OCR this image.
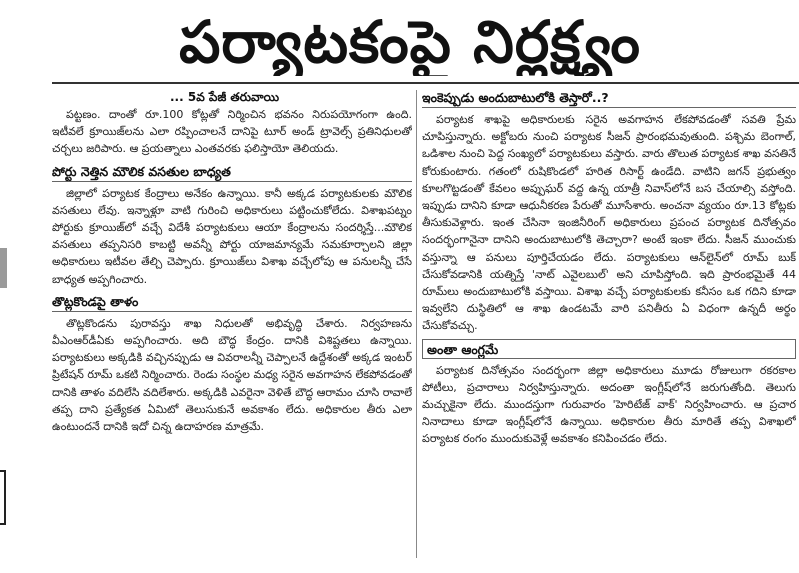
పర్యాటకంపై నిర్లక్ష్యం
... 5వ పేజీ తరువాయి

పట్టణం. దాంతో రూ.100 కోట్లతో నిర్మించిన భవనం నిరుపయోగంగా ఉంది. ఇటీవలే క్రూయిజ్‌లను ఎలా రప్పించాలనే దానిపై టూర్ అండ్ ట్రావెల్స్ ప్రతినిధులతో చర్చలు జరిపారు. ఆ ప్రయత్నాలు ఎంతవరకు ఫలిస్తాయో తెలియదు.

పోర్టు నెత్తిన మౌలిక వసతుల బాధ్యత

జిల్లాలో పర్యాటక కేంద్రాలు అనేకం ఉన్నాయి. కానీ అక్కడ పర్యాటకులకు మౌలిక వసతులు లేవు. ఇన్నాళ్లూ వాటి గురించి అధికారులు పట్టించుకోలేదు. విశాఖపట్నం పోర్టుకు క్రూయిజ్‌లో వచ్చే విదేశీ పర్యాటకులు ఆయా కేంద్రాలను సందర్శిస్తే...మౌలిక వసతులు తప్పనిసరి కాబట్టి అవన్నీ పోర్టు యాజమాన్యమే సమకూర్చాలని జిల్లా అధికారులు ఇటీవల తేల్చి చెప్పారు. క్రూయిజ్‌లు విశాఖ వచ్చేలోపు ఆ పనులన్నీ చేసే బాధ్యత అప్పగించారు.

తొట్లకొండపై తాళం

తొట్లకొండను పురావస్తు శాఖ నిధులతో అభివృద్ధి చేశారు. నిర్వహణను వీఎంఆర్‌డీఏకు అప్పగించారు. అది బౌద్ధ కేంద్రం. దానికి విశిష్టతలు ఉన్నాయి. పర్యాటకులు అక్కడికి వచ్చినప్పుడు ఆ వివరాలన్నీ చెప్పాలనే ఉద్దేశంతో అక్కడ ఇంటర్ ప్రిటేషన్ రూమ్ ఒకటి నిర్మించారు. రెండు సంస్థల మధ్య సరైన అవగాహన లేకపోవడంతో దానికి తాళం వదిలేసి వదిలేశారు. అక్కడికి ఎవరైనా వెళితే బౌద్ధ ఆరామం చూసి రావాలే తప్ప దాని ప్రత్యేకత ఏమిటో తెలుసుకునే అవకాశం లేదు. అధికారుల తీరు ఎలా ఉంటుందనే దానికి ఇదో చిన్న ఉదాహరణ మాత్రమే.

ఇంకెప్పుడు అందుబాటులోకి తెస్తారో..?

పర్యాటక శాఖపై అధికారులకు సరైన అవగాహన లేకపోవడంతో సవతి ప్రేమ చూపిస్తున్నారు. అక్టోబరు నుంచి పర్యాటక సీజన్ ప్రారంభమవుతుంది. పశ్చిమ బెంగాల్, ఒడిశాల నుంచి పెద్ద సంఖ్యలో పర్యాటకులు వస్తారు. వారు తొలుత పర్యాటక శాఖ వసతినే కోరుకుంటారు. గతంలో రుషికొండలో హరిత రిసార్ట్ ఉండేది. వాటిని జగన్ ప్రభుత్వం కూలగొట్టడంతో కేవలం అప్పుఘర్ వద్ద ఉన్న యాత్రీ నివాస్‌లోనే బస చేయాల్సి వస్తోంది. ఇప్పుడు దానిని కూడా ఆధునీకరణ పేరుతో మూసేశారు. అంచనా వ్యయం రూ.13 కోట్లకు తీసుకువెళ్లారు. ఇంత చేసినా ఇంజినీరింగ్ అధికారులు ప్రపంచ పర్యాటక దినోత్సవం సందర్భంగానైనా దానిని అందుబాటులోకి తెచ్చారా? అంటే ఇంకా లేదు. సీజన్ ముంచుకు వస్తున్నా ఆ పనులు పూర్తిచేయడం లేదు. పర్యాటకులు ఆన్‌లైన్‌లో రూమ్ బుక్ చేసుకోవడానికి యత్నిస్తే 'నాట్ ఎవైలబుల్' అని చూపిస్తోంది. ఇది ప్రారంభమైతే 44 రూమ్‌లు అందుబాటులోకి వస్తాయి. విశాఖ వచ్చే పర్యాటకులకు కనీసం ఒక గదిని కూడా ఇవ్వలేని దుస్థితిలో ఆ శాఖ ఉండటమే వారి పనితీరు ఏ విధంగా ఉన్నదీ అర్థం చేసుకోవచ్చు.

అంతా ఆంగ్లమే

పర్యాటక దినోత్సవం సందర్భంగా జిల్లా అధికారులు మూడు రోజులుగా రకరకాల పోటీలు, ప్రచారాలు నిర్వహిస్తున్నారు. అదంతా ఇంగ్లీష్‌లోనే జరుగుతోంది. తెలుగు మచ్చుకైనా లేదు. ముందస్తుగా గురువారం 'హెరిటేజ్ వాక్' నిర్వహించారు. ఆ ప్రచార నినాదాలు కూడా ఇంగ్లీష్‌లోనే ఉన్నాయి. అధికారుల తీరు మారితే తప్ప విశాఖలో పర్యాటక రంగం ముందుకువెళ్లే అవకాశం కనిపించడం లేదు.
